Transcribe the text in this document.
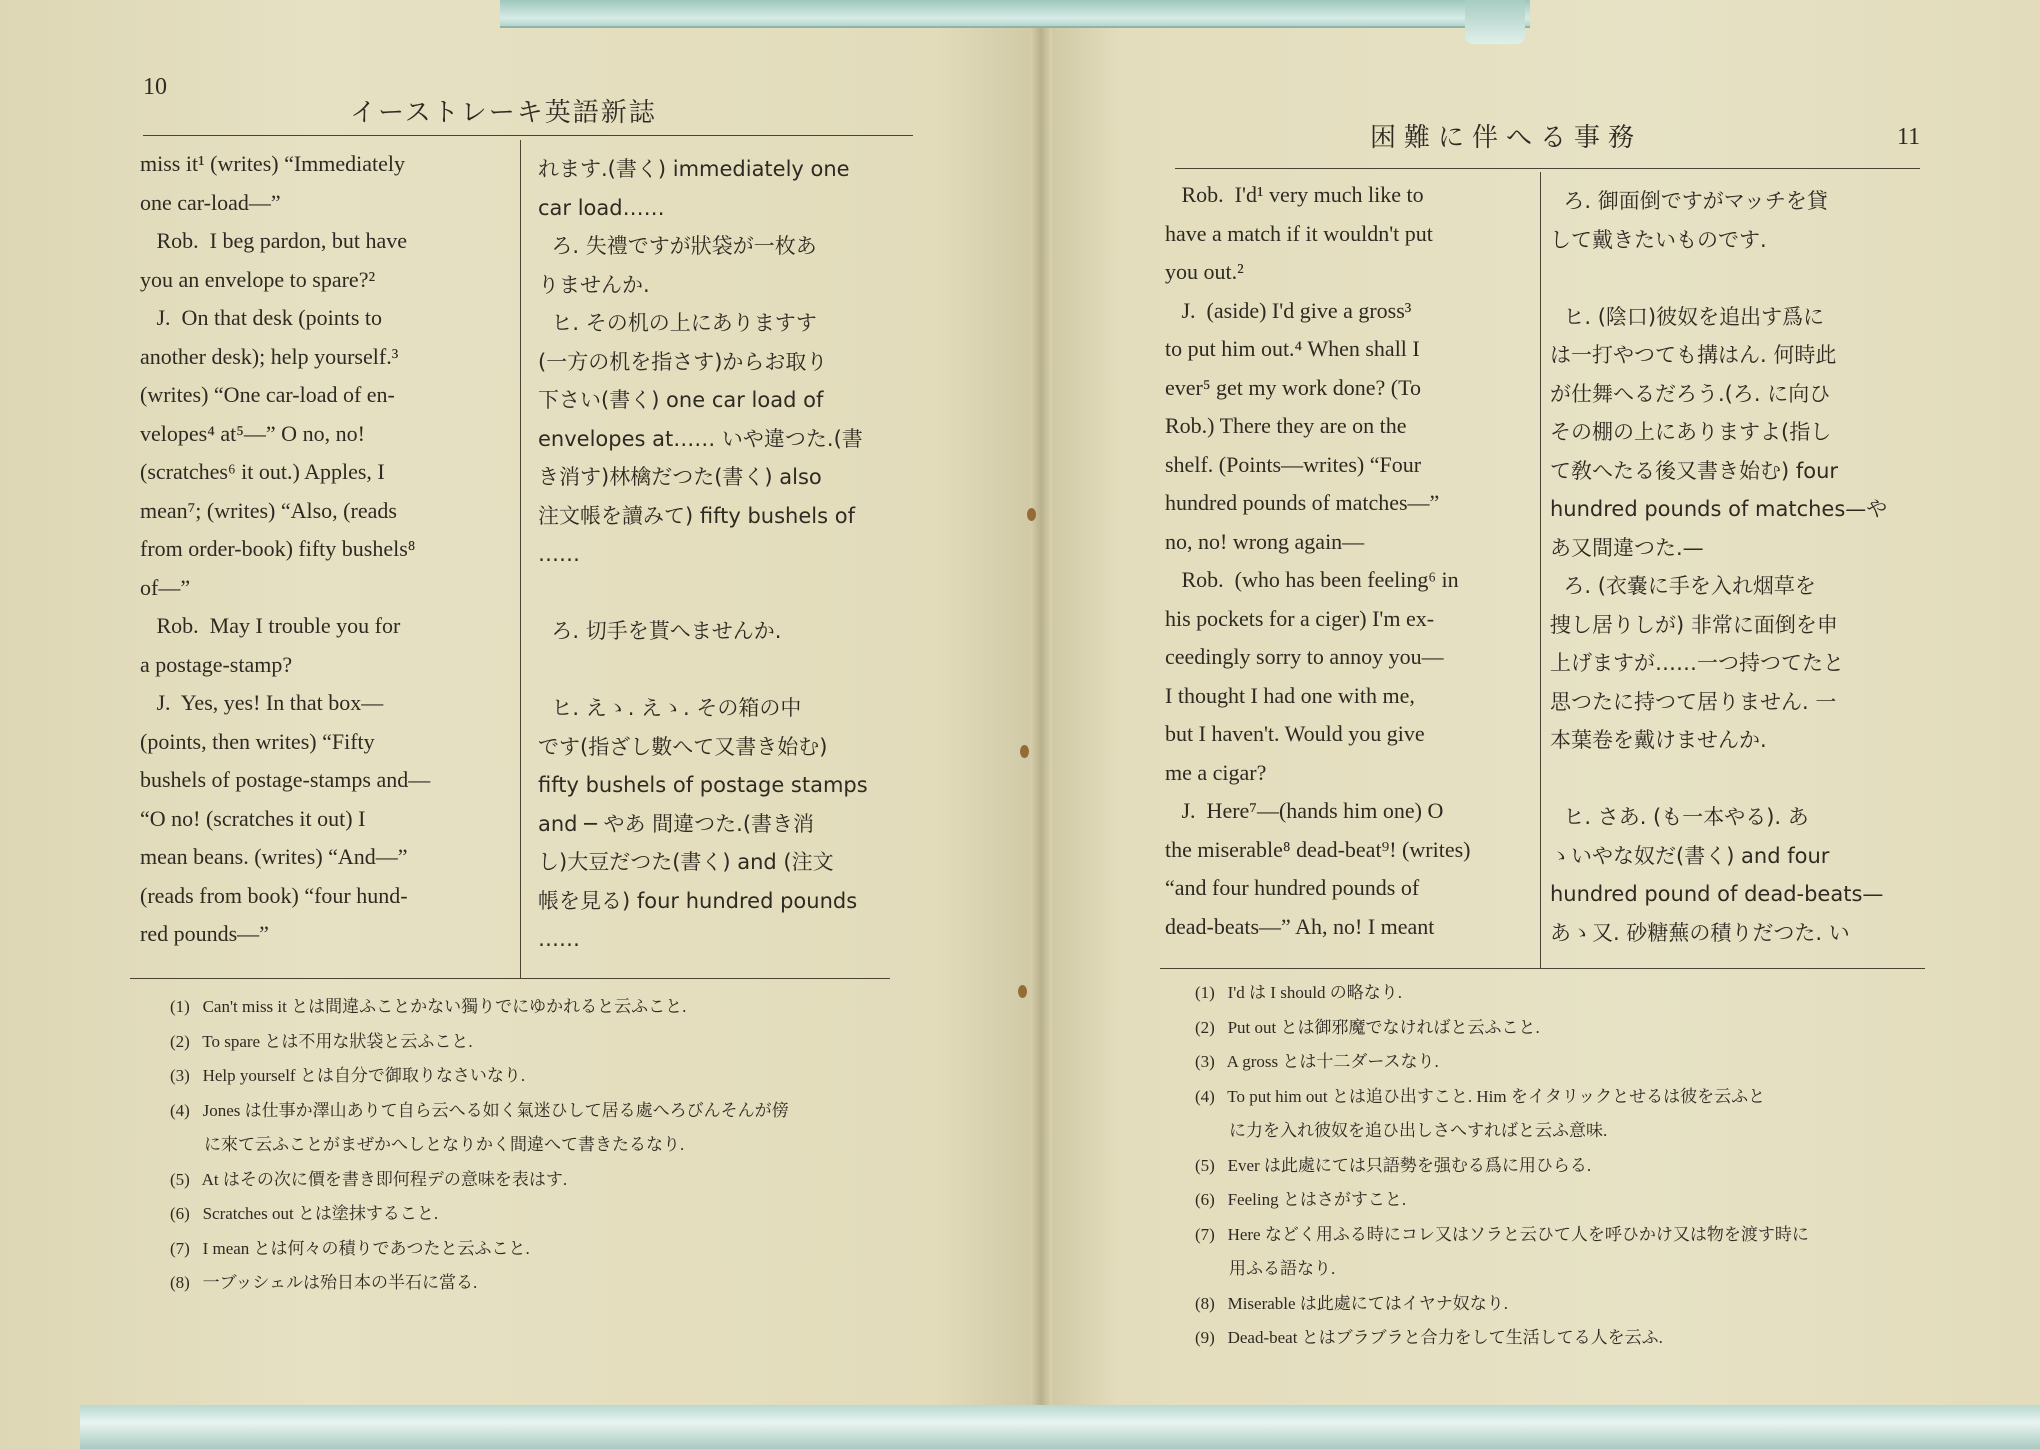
10
イーストレーキ英語新誌
miss it¹ (writes) “Immediately
one car-load—”
Rob.  I beg pardon, but have
you an envelope to spare?²
J.  On that desk (points to
another desk); help yourself.³
(writes) “One car-load of en-
velopes⁴ at⁵—” O no, no!
(scratches⁶ it out.) Apples, I
mean⁷; (writes) “Also, (reads
from order-book) fifty bushels⁸
of—”
Rob.  May I trouble you for
a postage-stamp?
J.  Yes, yes! In that box—
(points, then writes) “Fifty
bushels of postage-stamps and—
“O no! (scratches it out) I
mean beans. (writes) “And—”
(reads from book) “four hund-
red pounds—”
れます.(書く) immediately one
car load……
ろ. 失禮ですが狀袋が一枚あ
りませんか.
ヒ. その机の上にありますす
(一方の机を指さす)からお取り
下さい(書く) one car load of
envelopes at…… いや違つた.(書
き消す)林檎だつた(書く) also
注文帳を讀みて) fifty bushels of
……

ろ. 切手を貰へませんか.

ヒ. えゝ. えゝ. その箱の中
です(指ざし數へて又書き始む)
fifty bushels of postage stamps
and ─ やあ 間違つた.(書き消
し)大豆だつた(書く) and (注文
帳を見る) four hundred pounds
……
(1)   Can't miss it とは間違ふことかない獨りでにゆかれると云ふこと.
(2)   To spare とは不用な狀袋と云ふこと.
(3)   Help yourself とは自分で御取りなさいなり.
(4)   Jones は仕事か澤山ありて自ら云へる如く氣迷ひして居る處へろびんそんが傍
に來て云ふことがまぜかへしとなりかく間違へて書きたるなり.
(5)   At はその次に價を書き即何程デの意味を表はす.
(6)   Scratches out とは塗抹すること.
(7)   I mean とは何々の積りであつたと云ふこと.
(8)   一ブッシェルは殆日本の半石に當る.
困難に伴へる事務	11
Rob.  I'd¹ very much like to
have a match if it wouldn't put
you out.²
J.  (aside) I'd give a gross³
to put him out.⁴ When shall I
ever⁵ get my work done? (To
Rob.) There they are on the
shelf. (Points—writes) “Four
hundred pounds of matches—”
no, no! wrong again—
Rob.  (who has been feeling⁶ in
his pockets for a ciger) I'm ex-
ceedingly sorry to annoy you—
I thought I had one with me,
but I haven't. Would you give
me a cigar?
J.  Here⁷—(hands him one) O
the miserable⁸ dead-beat⁹! (writes)
“and four hundred pounds of
dead-beats—” Ah, no! I meant
ろ. 御面倒ですがマッチを貸
して戴きたいものです.

ヒ. (陰口)彼奴を追出す爲に
は一打やつても搆はん. 何時此
が仕舞へるだろう.(ろ. に向ひ
その棚の上にありますよ(指し
て敎へたる後又書き始む) four
hundred pounds of matches—や
あ又間違つた.—
ろ. (衣嚢に手を入れ烟草を
捜し居りしが) 非常に面倒を申
上げますが……一つ持つてたと
思つたに持つて居りません. 一
本葉卷を戴けませんか.

ヒ. さあ. (も一本やる). あ
ゝいやな奴だ(書く) and four
hundred pound of dead-beats—
あゝ又. 砂糖蕪の積りだつた. い
(1)   I'd は I should の略なり.
(2)   Put out とは御邪魔でなければと云ふこと.
(3)   A gross とは十二ダースなり.
(4)   To put him out とは追ひ出すこと. Him をイタリックとせるは彼を云ふと
に力を入れ彼奴を追ひ出しさへすればと云ふ意味.
(5)   Ever は此處にては只語勢を强むる爲に用ひらる.
(6)   Feeling とはさがすこと.
(7)   Here などく用ふる時にコレ又はソラと云ひて人を呼ひかけ又は物を渡す時に
用ふる語なり.
(8)   Miserable は此處にてはイヤナ奴なり.
(9)   Dead-beat とはブラブラと合力をして生活してる人を云ふ.
